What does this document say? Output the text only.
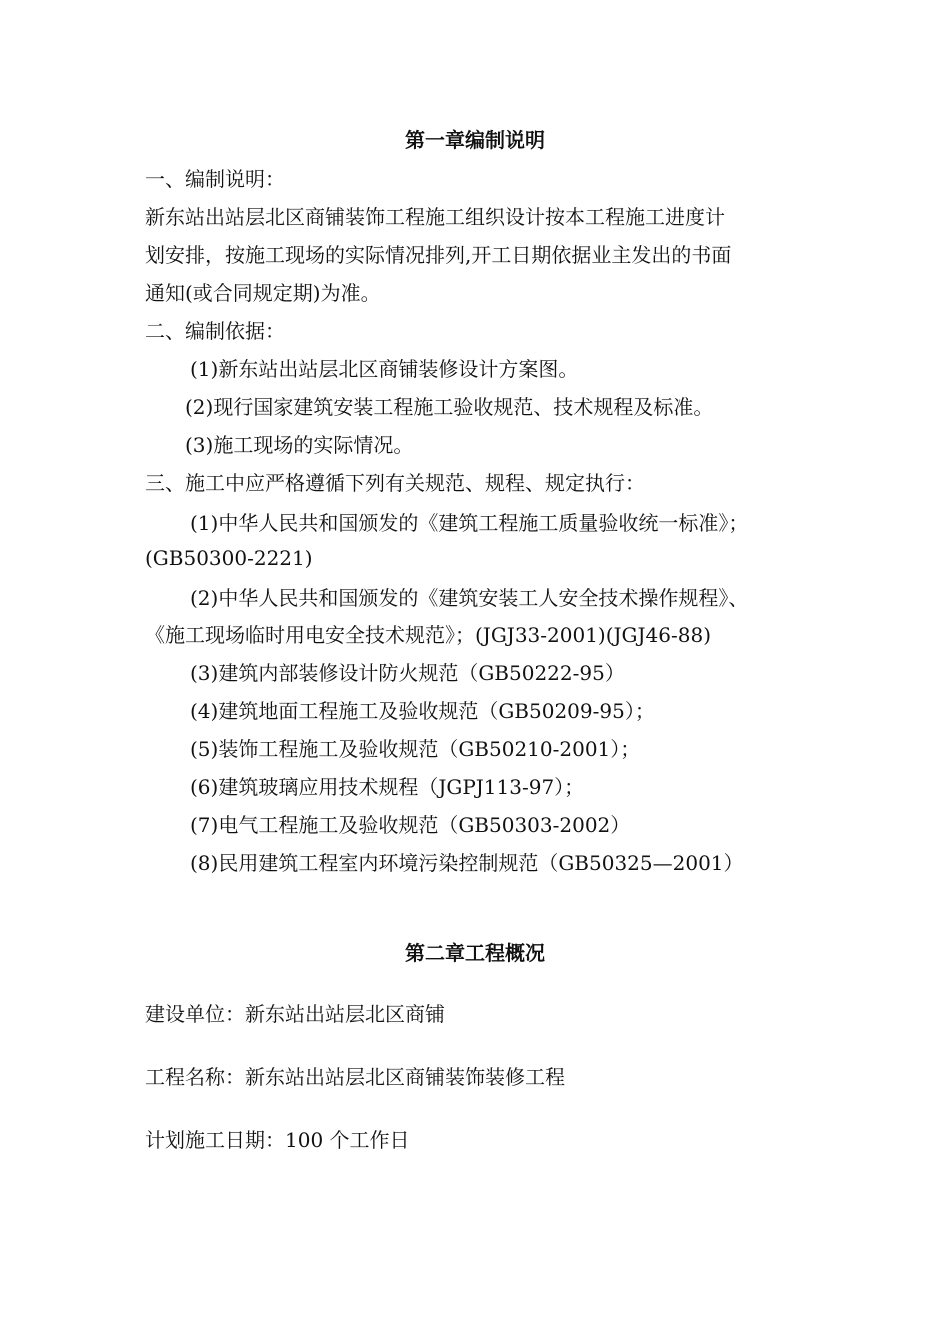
第一章编制说明
一、编制说明：
新东站出站层北区商铺装饰工程施工组织设计按本工程施工进度计
划安排，按施工现场的实际情况排列,开工日期依据业主发出的书面
通知(或合同规定期)为准。
二、编制依据：
(1)新东站出站层北区商铺装修设计方案图。
(2)现行国家建筑安装工程施工验收规范、技术规程及标准。
(3)施工现场的实际情况。
三、施工中应严格遵循下列有关规范、规程、规定执行：
(1)中华人民共和国颁发的《建筑工程施工质量验收统一标准》；
(GB50300-2221)
(2)中华人民共和国颁发的《建筑安装工人安全技术操作规程》、
《施工现场临时用电安全技术规范》；(JGJ33-2001)(JGJ46-88)
(3)建筑内部装修设计防火规范（GB50222-95）
(4)建筑地面工程施工及验收规范（GB50209-95）；
(5)装饰工程施工及验收规范（GB50210-2001）；
(6)建筑玻璃应用技术规程（JGPJ113-97）；
(7)电气工程施工及验收规范（GB50303-2002）
(8)民用建筑工程室内环境污染控制规范（GB50325—2001）
第二章工程概况
建设单位：新东站出站层北区商铺
工程名称：新东站出站层北区商铺装饰装修工程
计划施工日期：100 个工作日
